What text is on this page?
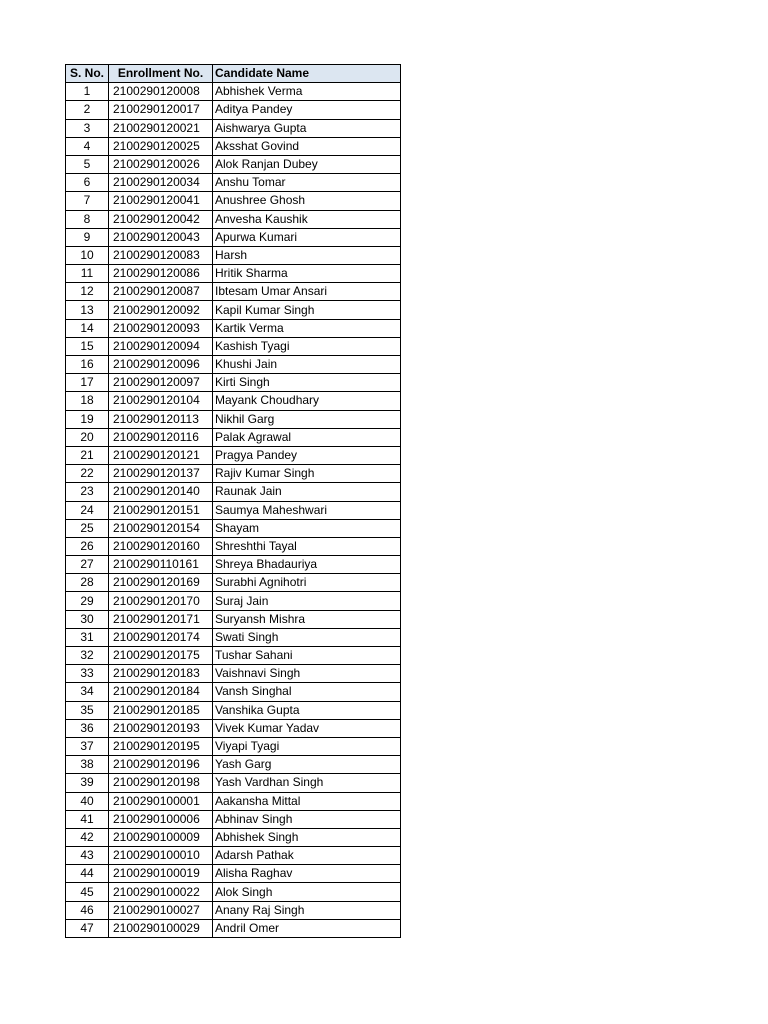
S. No.	Enrollment No.	Candidate Name
1	2100290120008	Abhishek Verma
2	2100290120017	Aditya Pandey
3	2100290120021	Aishwarya Gupta
4	2100290120025	Aksshat Govind
5	2100290120026	Alok Ranjan Dubey
6	2100290120034	Anshu Tomar
7	2100290120041	Anushree Ghosh
8	2100290120042	Anvesha Kaushik
9	2100290120043	Apurwa Kumari
10	2100290120083	Harsh
11	2100290120086	Hritik Sharma
12	2100290120087	Ibtesam Umar Ansari
13	2100290120092	Kapil Kumar Singh
14	2100290120093	Kartik Verma
15	2100290120094	Kashish Tyagi
16	2100290120096	Khushi Jain
17	2100290120097	Kirti Singh
18	2100290120104	Mayank Choudhary
19	2100290120113	Nikhil Garg
20	2100290120116	Palak Agrawal
21	2100290120121	Pragya Pandey
22	2100290120137	Rajiv Kumar Singh
23	2100290120140	Raunak Jain
24	2100290120151	Saumya Maheshwari
25	2100290120154	Shayam
26	2100290120160	Shreshthi Tayal
27	2100290110161	Shreya Bhadauriya
28	2100290120169	Surabhi Agnihotri
29	2100290120170	Suraj Jain
30	2100290120171	Suryansh Mishra
31	2100290120174	Swati Singh
32	2100290120175	Tushar Sahani
33	2100290120183	Vaishnavi Singh
34	2100290120184	Vansh Singhal
35	2100290120185	Vanshika Gupta
36	2100290120193	Vivek Kumar Yadav
37	2100290120195	Viyapi Tyagi
38	2100290120196	Yash Garg
39	2100290120198	Yash Vardhan Singh
40	2100290100001	Aakansha Mittal
41	2100290100006	Abhinav Singh
42	2100290100009	Abhishek Singh
43	2100290100010	Adarsh Pathak
44	2100290100019	Alisha Raghav
45	2100290100022	Alok Singh
46	2100290100027	Anany Raj Singh
47	2100290100029	Andril Omer
